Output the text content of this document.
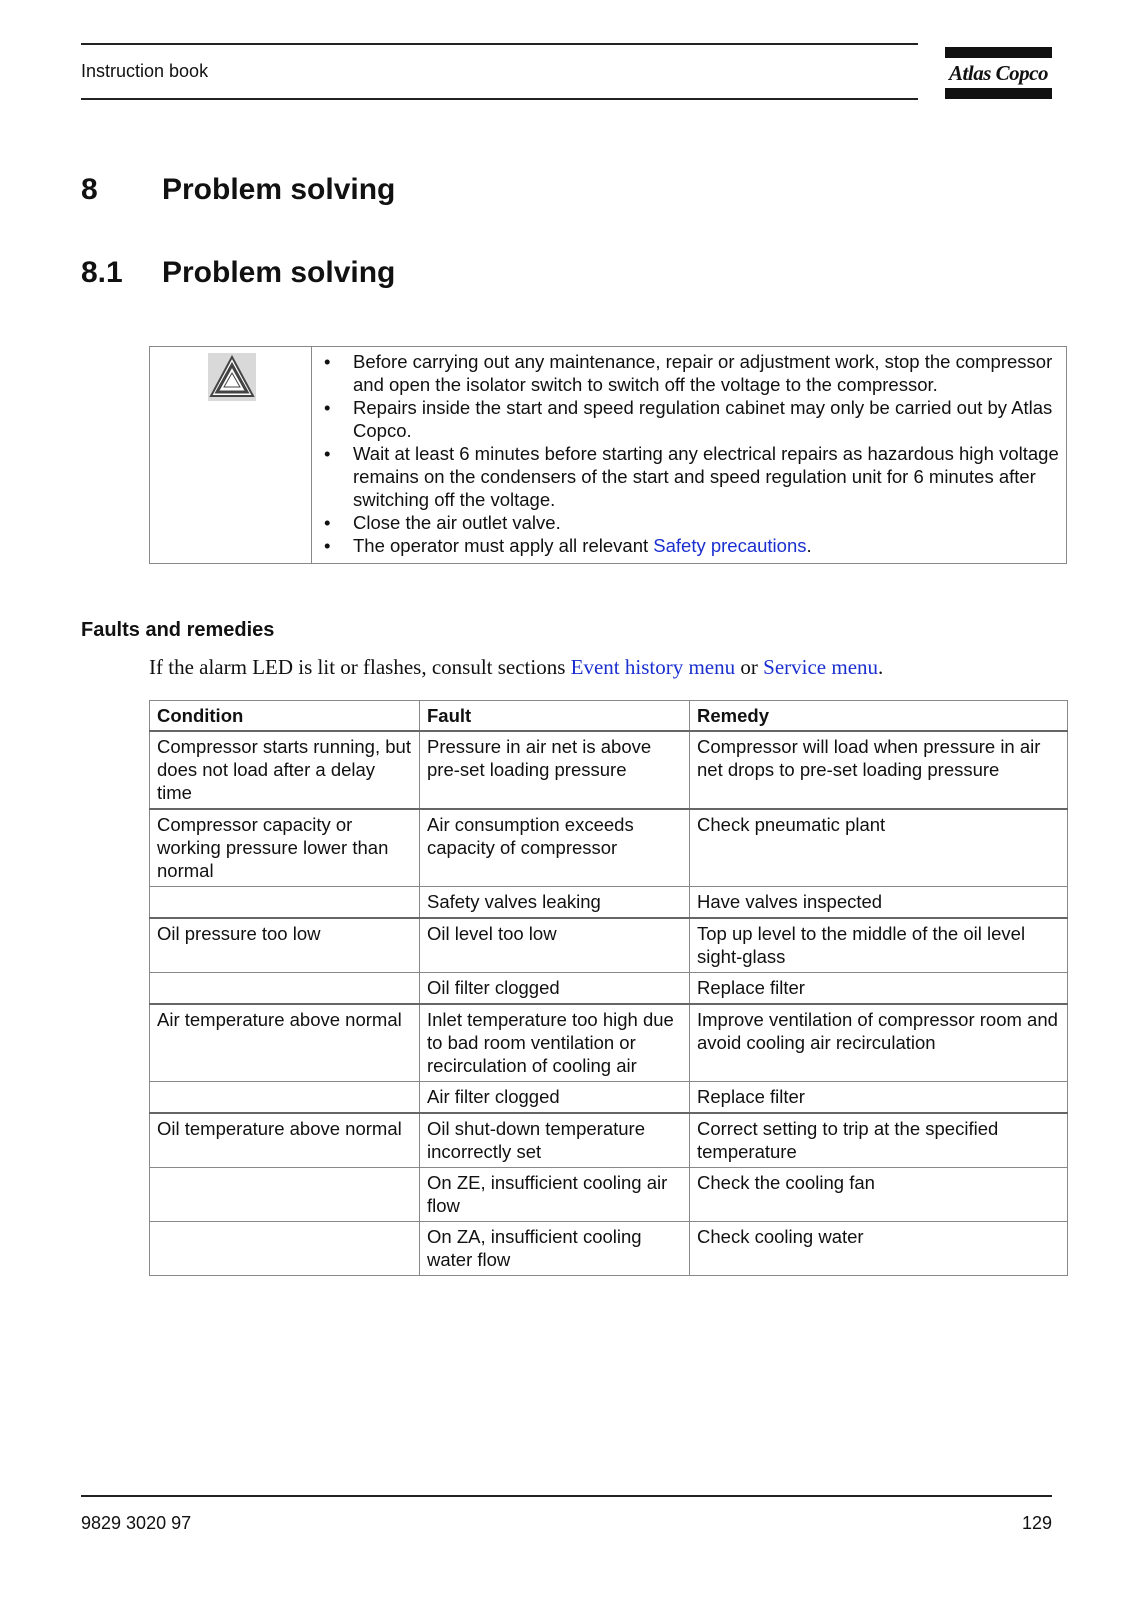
Instruction book	Atlas Copco
8 Problem solving
8.1 Problem solving
• Before carrying out any maintenance, repair or adjustment work, stop the compressor and open the isolator switch to switch off the voltage to the compressor.
• Repairs inside the start and speed regulation cabinet may only be carried out by Atlas Copco.
• Wait at least 6 minutes before starting any electrical repairs as hazardous high voltage remains on the condensers of the start and speed regulation unit for 6 minutes after switching off the voltage.
• Close the air outlet valve.
• The operator must apply all relevant Safety precautions.
Faults and remedies
If the alarm LED is lit or flashes, consult sections Event history menu or Service menu.
Condition	Fault	Remedy
Compressor starts running, but does not load after a delay time	Pressure in air net is above pre-set loading pressure	Compressor will load when pressure in air net drops to pre-set loading pressure
Compressor capacity or working pressure lower than normal	Air consumption exceeds capacity of compressor	Check pneumatic plant
	Safety valves leaking	Have valves inspected
Oil pressure too low	Oil level too low	Top up level to the middle of the oil level sight-glass
	Oil filter clogged	Replace filter
Air temperature above normal	Inlet temperature too high due to bad room ventilation or recirculation of cooling air	Improve ventilation of compressor room and avoid cooling air recirculation
	Air filter clogged	Replace filter
Oil temperature above normal	Oil shut-down temperature incorrectly set	Correct setting to trip at the specified temperature
	On ZE, insufficient cooling air flow	Check the cooling fan
	On ZA, insufficient cooling water flow	Check cooling water
9829 3020 97	129
